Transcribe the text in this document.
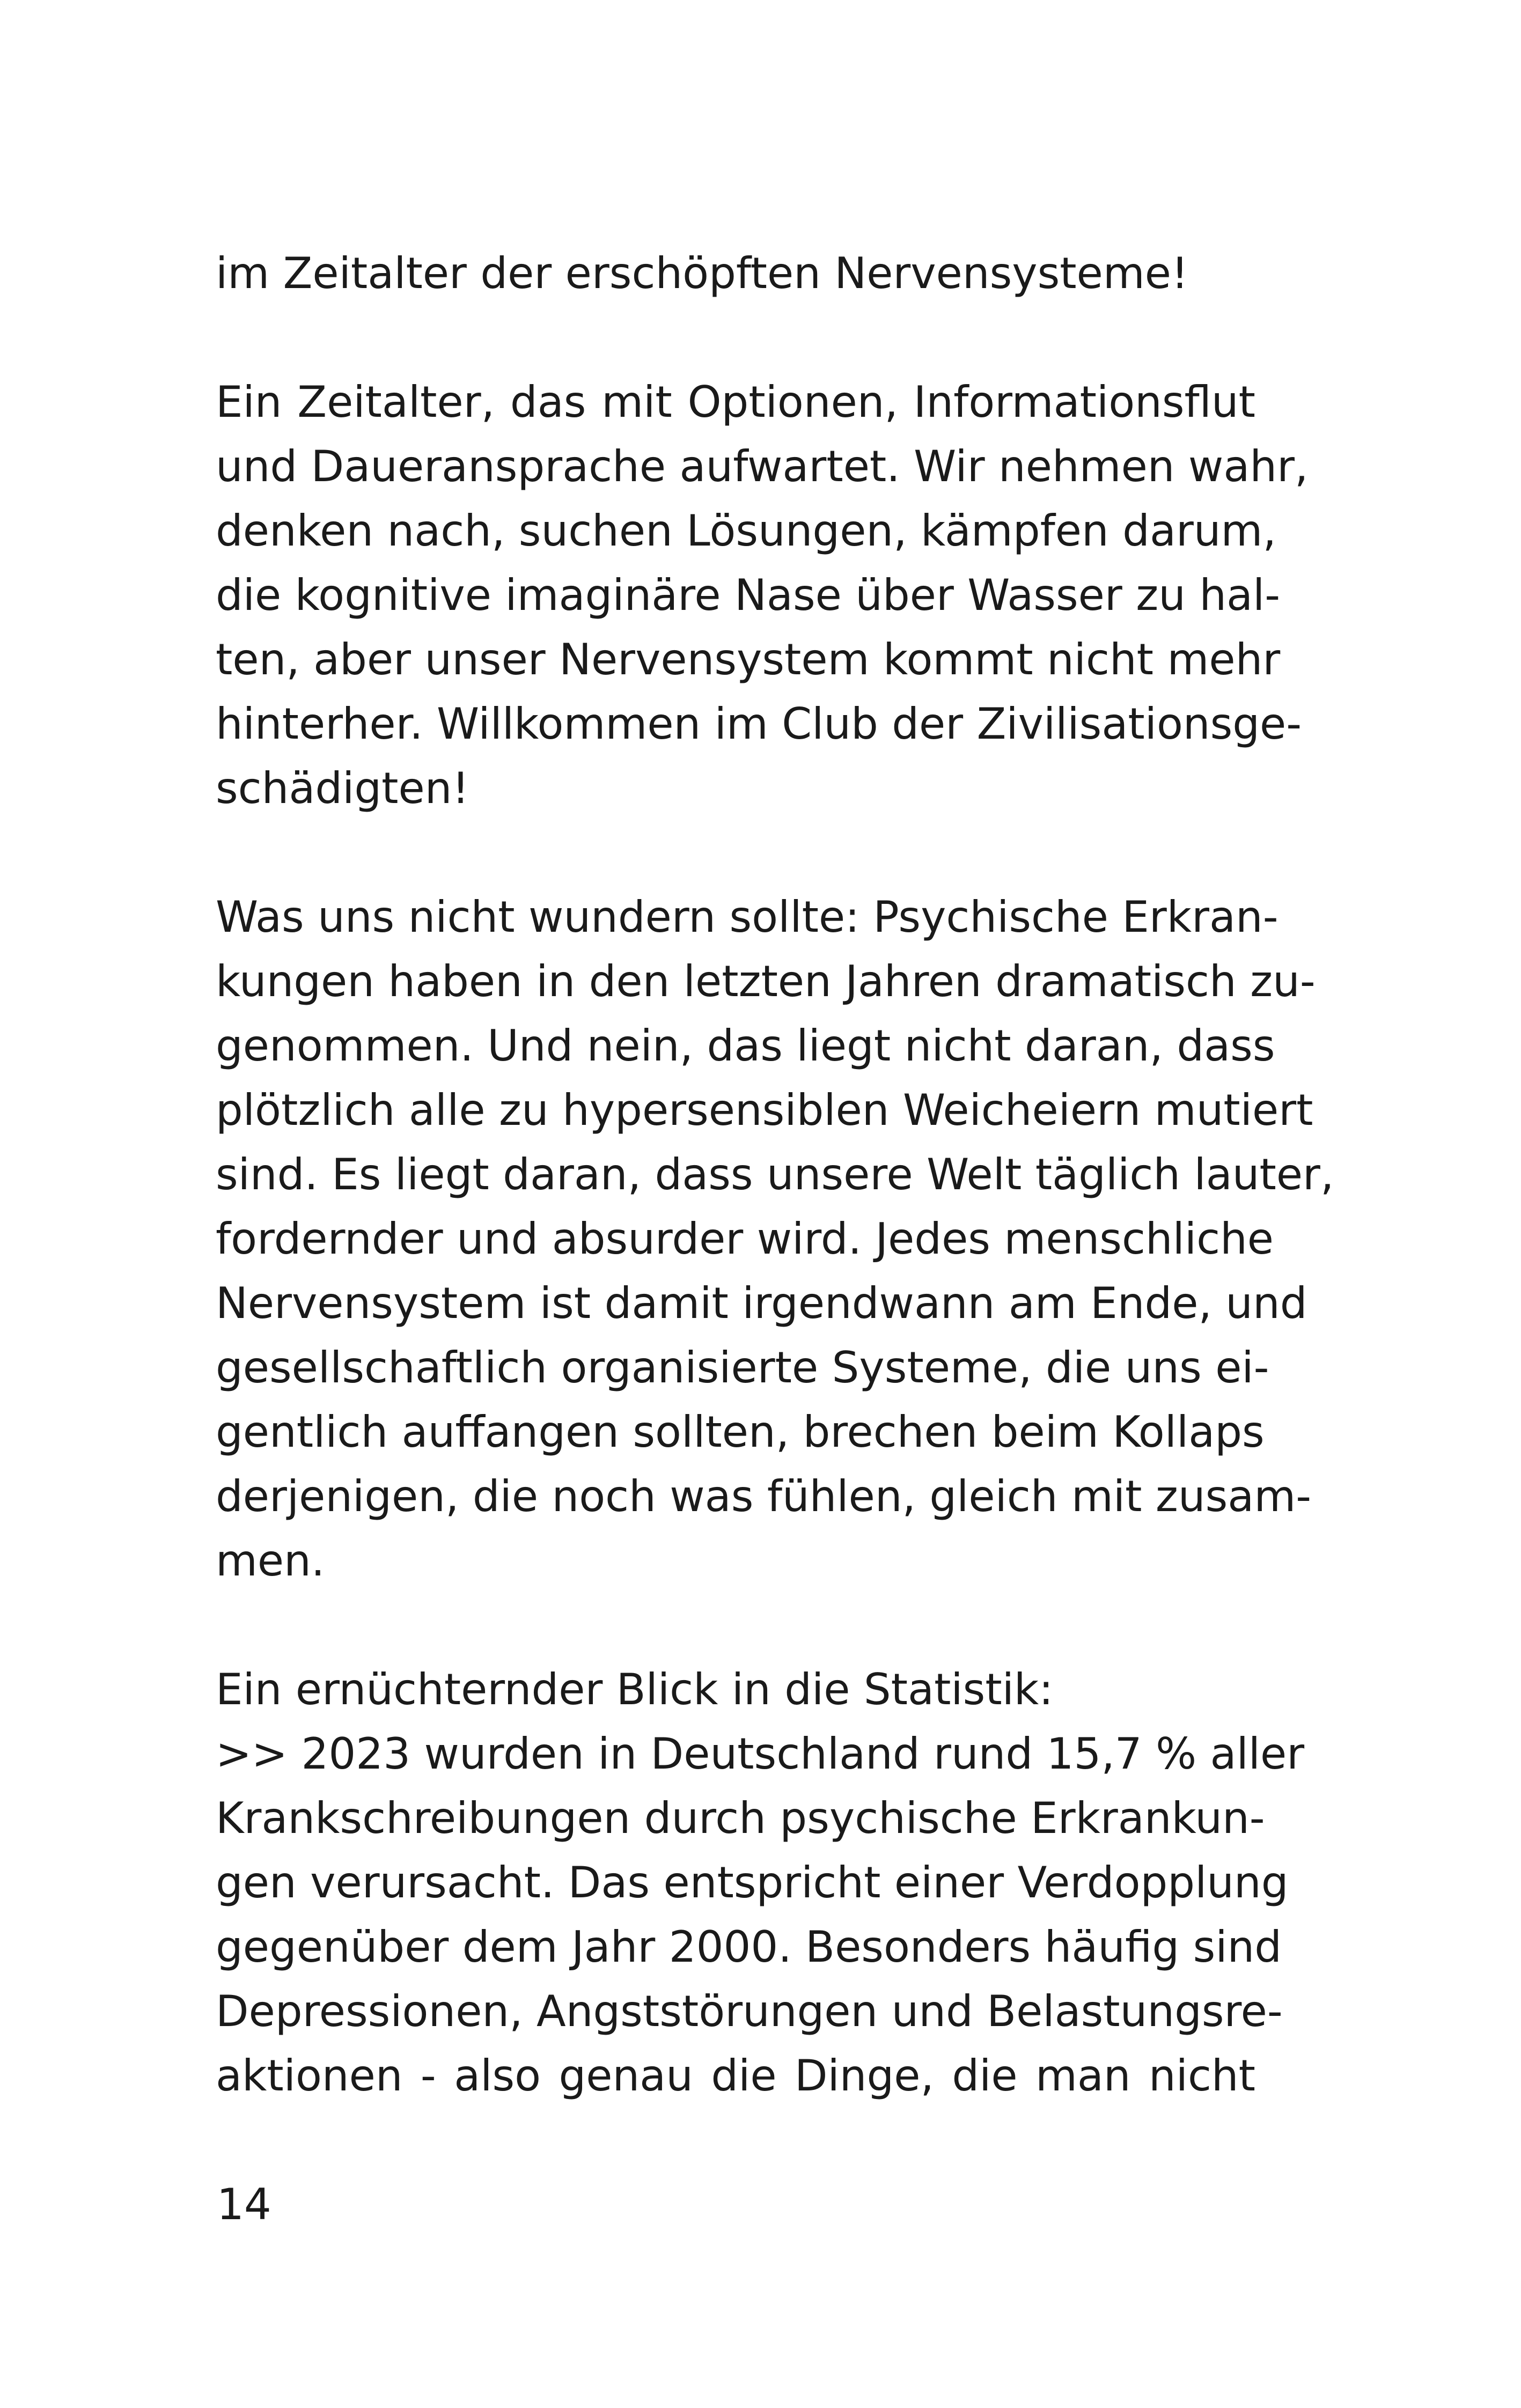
im Zeitalter der erschöpften Nervensysteme!

Ein Zeitalter, das mit Optionen, Informationsflut
und Daueransprache aufwartet. Wir nehmen wahr,
denken nach, suchen Lösungen, kämpfen darum,
die kognitive imaginäre Nase über Wasser zu hal-
ten, aber unser Nervensystem kommt nicht mehr
hinterher. Willkommen im Club der Zivilisationsge-
schädigten!

Was uns nicht wundern sollte: Psychische Erkran-
kungen haben in den letzten Jahren dramatisch zu-
genommen. Und nein, das liegt nicht daran, dass
plötzlich alle zu hypersensiblen Weicheiern mutiert
sind. Es liegt daran, dass unsere Welt täglich lauter,
fordernder und absurder wird. Jedes menschliche
Nervensystem ist damit irgendwann am Ende, und
gesellschaftlich organisierte Systeme, die uns ei-
gentlich auffangen sollten, brechen beim Kollaps
derjenigen, die noch was fühlen, gleich mit zusam-
men.

Ein ernüchternder Blick in die Statistik:
>> 2023 wurden in Deutschland rund 15,7 % aller
Krankschreibungen durch psychische Erkrankun-
gen verursacht. Das entspricht einer Verdopplung
gegenüber dem Jahr 2000. Besonders häufig sind
Depressionen, Angststörungen und Belastungsre-
aktionen - also genau die Dinge, die man nicht

14
